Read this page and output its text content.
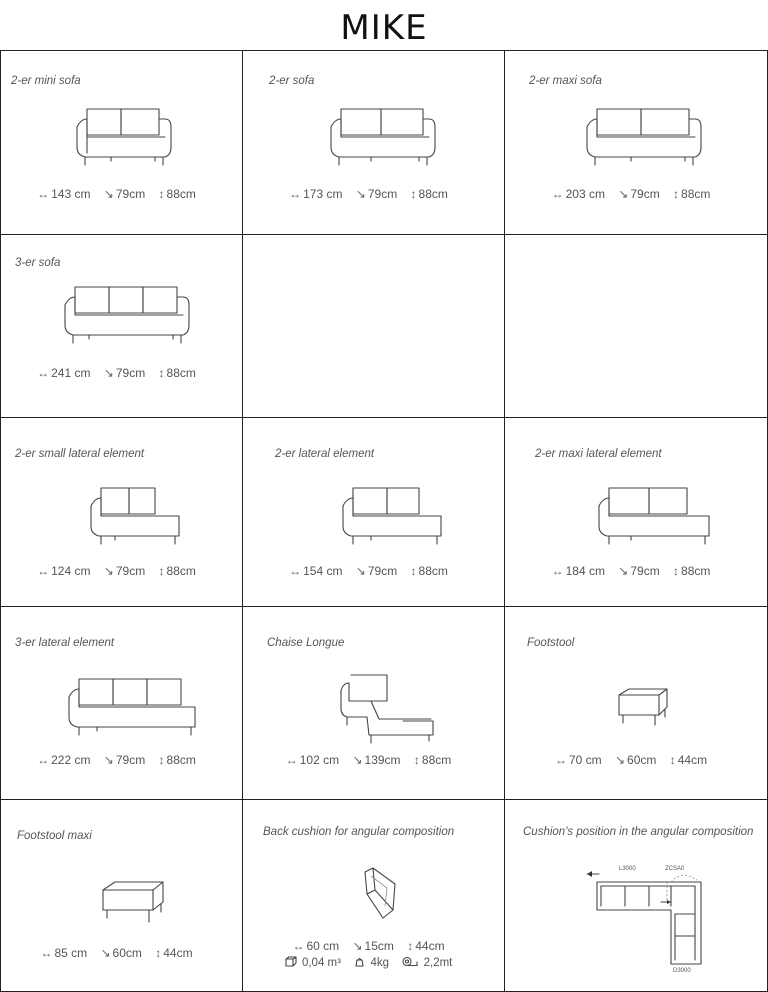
MIKE
2-er mini sofa
↔ 143 cm ↘ 79cm ↕ 88cm
2-er sofa
↔ 173 cm ↘ 79cm ↕ 88cm
2-er maxi sofa
↔ 203 cm ↘ 79cm ↕ 88cm
3-er sofa
↔ 241 cm ↘ 79cm ↕ 88cm
2-er small lateral element
↔ 124 cm ↘ 79cm ↕ 88cm
2-er lateral element
↔ 154 cm ↘ 79cm ↕ 88cm
2-er maxi lateral element
↔ 184 cm ↘ 79cm ↕ 88cm
3-er lateral element
↔ 222 cm ↘ 79cm ↕ 88cm
Chaise Longue
↔ 102 cm ↘ 139cm ↕ 88cm
Footstool
↔ 70 cm ↘ 60cm ↕ 44cm
Footstool maxi
↔ 85 cm ↘ 60cm ↕ 44cm
Back cushion for angular composition
↔ 60 cm ↘ 15cm ↕ 44cm
0,04 m³	4kg	2,2mt
Cushion's position in the angular composition
L3000	ZCSA0
D3000
